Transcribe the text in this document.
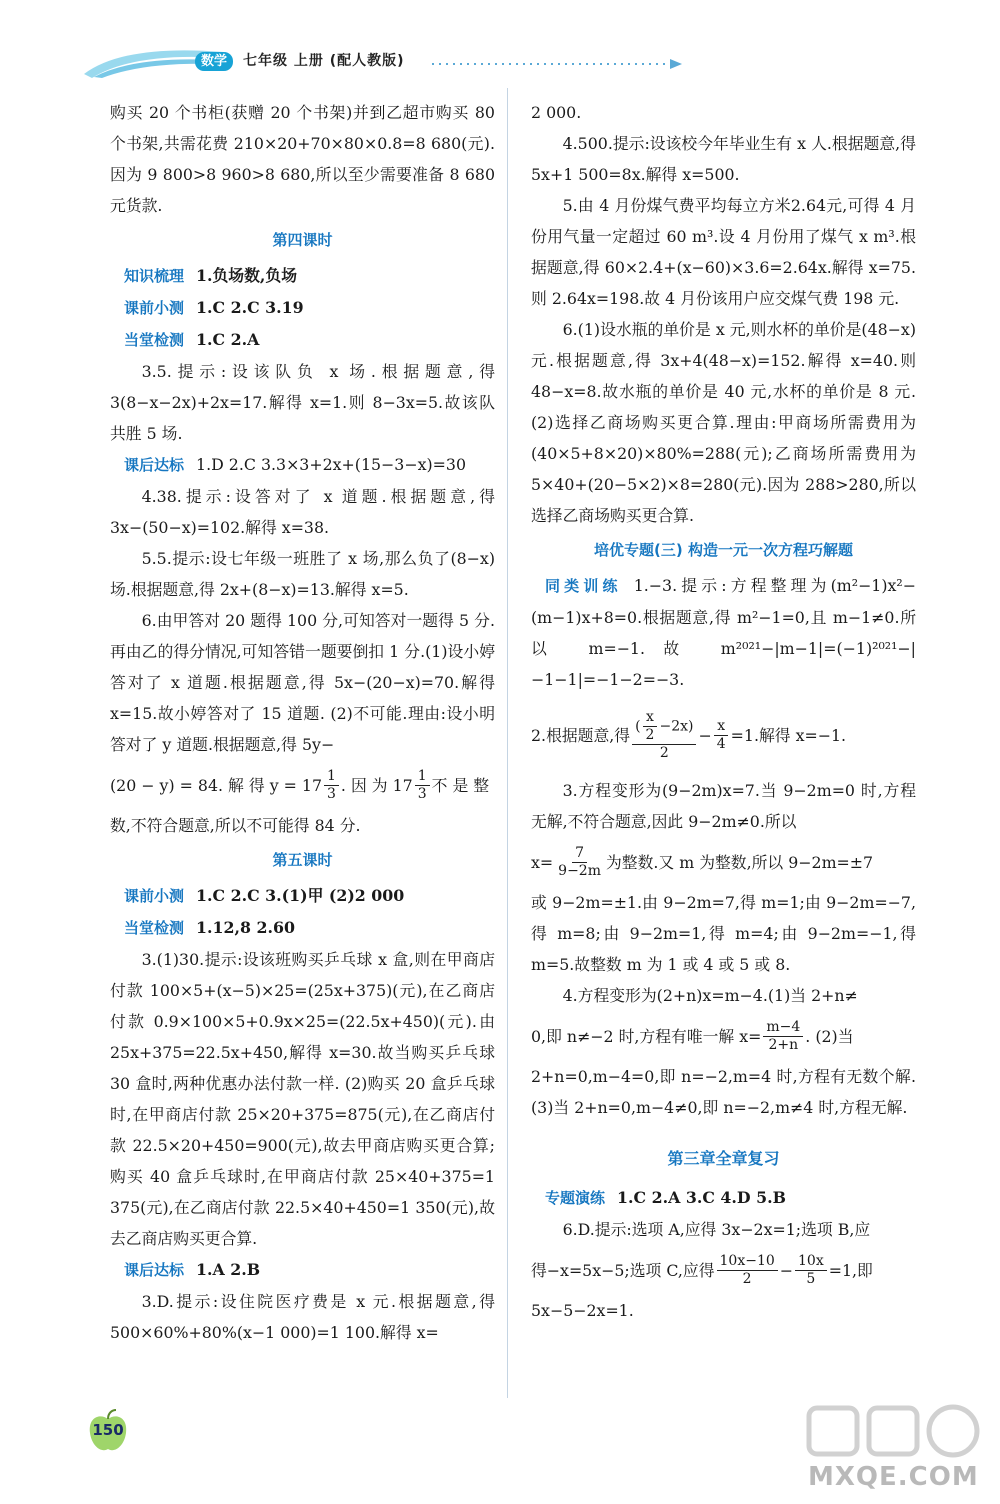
数学	七年级 上册 (配人教版)

购买 20 个书柜(获赠 20 个书架)并到乙超市购买 80 个书架,共需花费 210×20+70×80×0.8=8 680(元).因为 9 800>8 960>8 680,所以至少需要准备 8 680 元货款.

第四课时

知识梳理 1.负场数,负场

课前小测 1.C 2.C 3.19

当堂检测 1.C 2.A

3.5.提示:设该队负 x 场.根据题意,得 3(8−x−2x)+2x=17.解得 x=1.则 8−3x=5.故该队共胜 5 场.

课后达标 1.D 2.C 3.3×3+2x+(15−3−x)=30

4.38.提示:设答对了 x 道题.根据题意,得 3x−(50−x)=102.解得 x=38.

5.5.提示:设七年级一班胜了 x 场,那么负了(8−x)场.根据题意,得 2x+(8−x)=13.解得 x=5.

6.由甲答对 20 题得 100 分,可知答对一题得 5 分.再由乙的得分情况,可知答错一题要倒扣 1 分.(1)设小婷答对了 x 道题.根据题意,得 5x−(20−x)=70.解得 x=15.故小婷答对了 15 道题. (2)不可能.理由:设小明答对了 y 道题.根据题意,得 5y−

(20 − y) = 84. 解 得 $y = 17 \frac{1}{3}$ . 因 为 $17 \frac{1}{3}$ 不 是 整

数,不符合题意,所以不可能得 84 分.

第五课时

课前小测 1.C 2.C 3.(1)甲 (2)2 000

当堂检测 1.12,8 2.60

3.(1)30.提示:设该班购买乒乓球 x 盒,则在甲商店付款 100×5+(x−5)×25=(25x+375)(元),在乙商店付款 0.9×100×5+0.9x×25=(22.5x+450)(元).由 25x+375=22.5x+450,解得 x=30.故当购买乒乓球 30 盒时,两种优惠办法付款一样. (2)购买 20 盒乒乓球时,在甲商店付款 25×20+375=875(元),在乙商店付款 22.5×20+450=900(元),故去甲商店购买更合算;购买 40 盒乒乓球时,在甲商店付款 25×40+375=1 375(元),在乙商店付款 22.5×40+450=1 350(元),故去乙商店购买更合算.

课后达标 1.A 2.B

3.D.提示:设住院医疗费是 x 元.根据题意,得 500×60%+80%(x−1 000)=1 100.解得 x=

2 000.

4.500.提示:设该校今年毕业生有 x 人.根据题意,得 5x+1 500=8x.解得 x=500.

5.由 4 月份煤气费平均每立方米2.64元,可得 4 月份用气量一定超过 60 m³.设 4 月份用了煤气 x m³.根据题意,得 60×2.4+(x−60)×3.6=2.64x.解得 x=75.则 2.64x=198.故 4 月份该用户应交煤气费 198 元.

6.(1)设水瓶的单价是 x 元,则水杯的单价是(48−x)元.根据题意,得 3x+4(48−x)=152.解得 x=40.则 48−x=8.故水瓶的单价是 40 元,水杯的单价是 8 元. (2)选择乙商场购买更合算.理由:甲商场所需费用为(40×5+8×20)×80%=288(元);乙商场所需费用为 5×40+(20−5×2)×8=280(元).因为 288>280,所以选择乙商场购买更合算.

培优专题(三) 构造一元一次方程巧解题

同类训练 1.−3.提示:方程整理为(m²−1)x²−(m−1)x+8=0.根据题意,得 m²−1=0,且 m−1≠0.所以 m=−1.故 m²⁰²¹−|m−1|=(−1)²⁰²¹−|−1−1|=−1−2=−3.

2.根据题意,得 $\frac{( \frac{x}{2} -2x)}{2} - \frac{x}{4} =1$.解得 x=−1.

3.方程变形为(9−2m)x=7.当 9−2m=0 时,方程无解,不符合题意,因此 9−2m≠0.所以

$x= \frac{7}{9-2m}$ 为整数.又 m 为整数,所以 9−2m=±7

或 9−2m=±1.由 9−2m=7,得 m=1;由 9−2m=−7,得 m=8;由 9−2m=1,得 m=4;由 9−2m=−1,得 m=5.故整数 m 为 1 或 4 或 5 或 8.

4.方程变形为(2+n)x=m−4.(1)当 2+n≠

0,即 n≠−2 时,方程有唯一解 $x= \frac{m-4}{2+n}$ . (2)当

2+n=0,m−4=0,即 n=−2,m=4 时,方程有无数个解. (3)当 2+n=0,m−4≠0,即 n=−2,m≠4 时,方程无解.

第三章全章复习

专题演练 1.C 2.A 3.C 4.D 5.B

6.D.提示:选项 A,应得 3x−2x=1;选项 B,应

得−x=5x−5;选项 C,应得 $\frac{10x-10}{2} - \frac{10x}{5} =1$,即

5x−5−2x=1.

150
MXQE.COM
